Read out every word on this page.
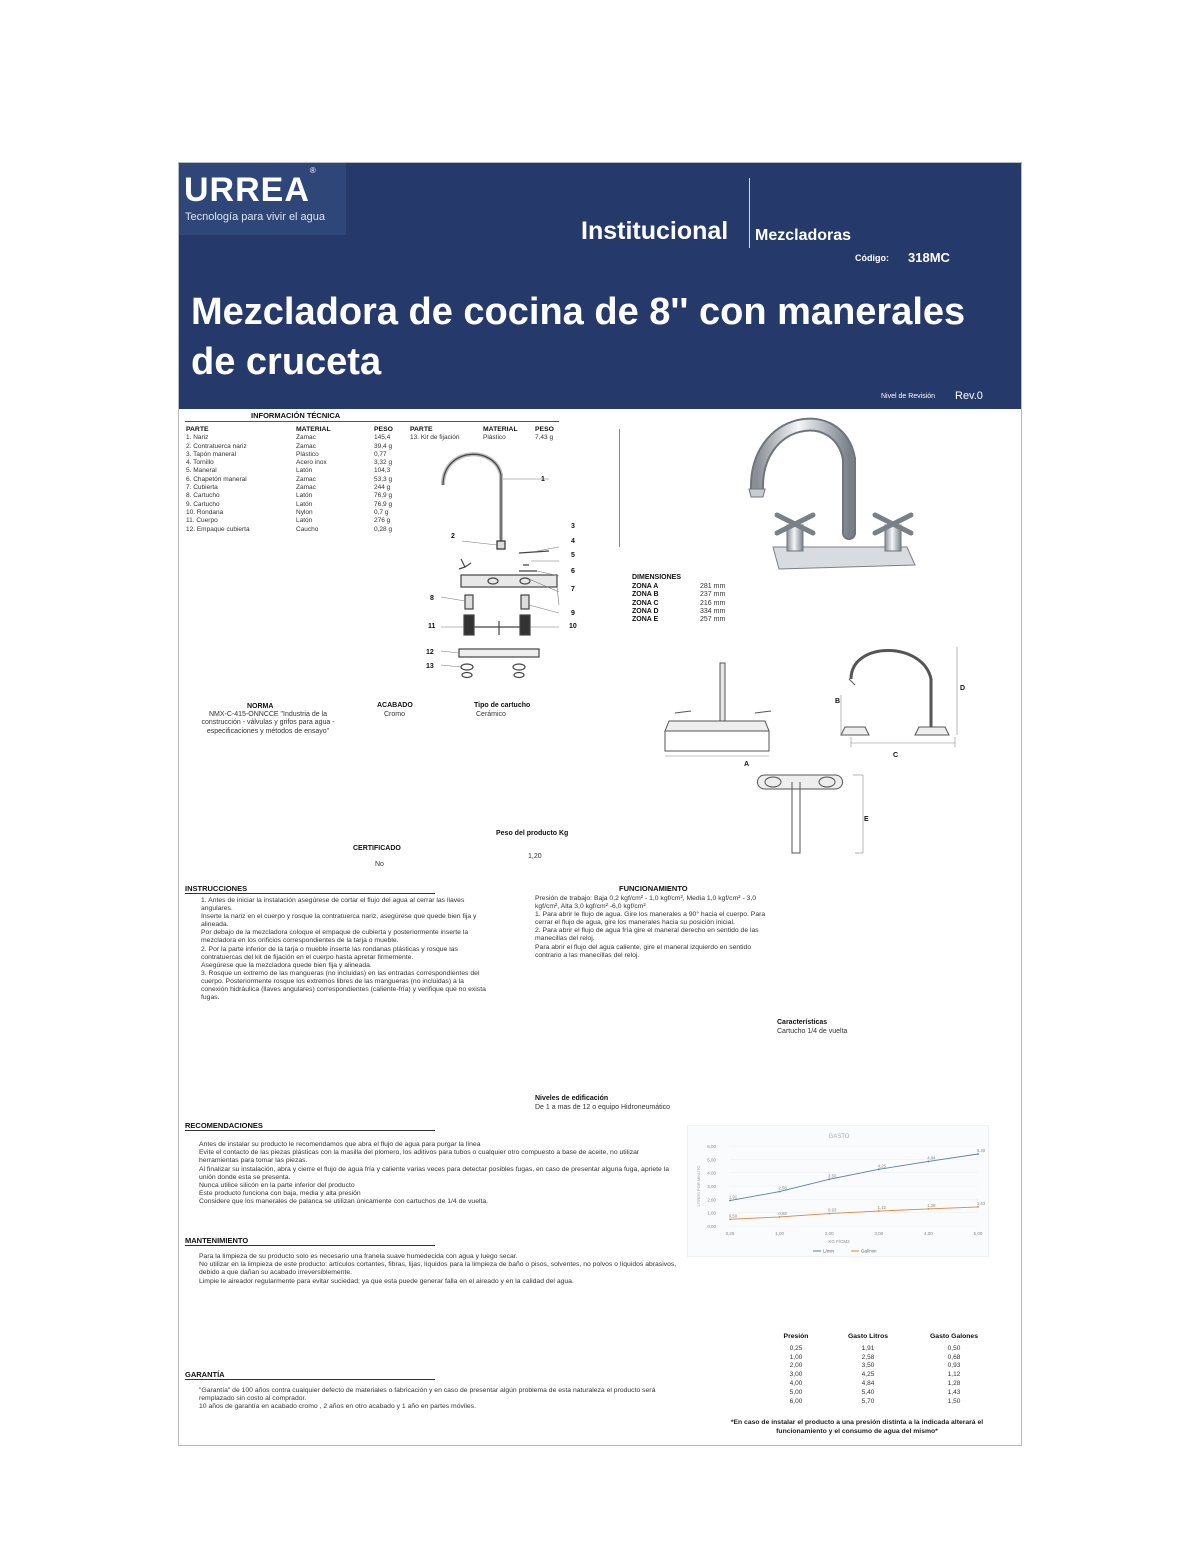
URREA®
Tecnología para vivir el agua	Institucional Mezcladoras
Código: 318MC
Mezcladora de cocina de 8'' con manerales de cruceta
Nivel de Revisión Rev.0
INFORMACIÓN TÉCNICA
PARTE	MATERIAL	PESO	PARTE	MATERIAL	PESO
1. Nariz	Zamac	145,4	13. Kit de fijación	Plástico	7,43 g
2. Contratuerca nariz	Zamac	39,4 g			
3. Tapón maneral	Plástico	0,77			
4. Tornillo	Acero inox	3,32 g			
5. Maneral	Latón	104,3			
6. Chapetón maneral	Zamac	53,3 g			
7. Cubierta	Zamac	244 g			
8. Cartucho	Latón	76,9 g			
9. Cartucho	Latón	76,9 g			
10. Rondana	Nylon	0,7 g			
11. Cuerpo	Latón	276 g			
12. Empaque cubierta	Caucho	0,28 g			
1
2
3
4
5
6
7
8
9
11	10
12
13
DIMENSIONES
ZONA A	281 mm
ZONA B	237 mm
ZONA C	216 mm
ZONA D	334 mm
ZONA E	257 mm
A
B
C
D
E
NORMA
NMX-C-415-ONNCCE "Industria de la construcción - válvulas y grifos para agua - especificaciones y métodos de ensayo"
ACABADO
Cromo
Tipo de cartucho
Cerámico
Peso del producto Kg
1,20
CERTIFICADO
No
INSTRUCCIONES
1. Antes de iniciar la instalación asegúrese de cortar el flujo del agua al cerrar las llaves angulares.
Inserte la nariz en el cuerpo y rosque la contratuerca nariz, asegúrese que quede bien fija y alineada.
Por debajo de la mezcladora coloque el empaque de cubierta y posteriormente inserte la mezcladora en los orificios correspondientes de la tarja o mueble.
2. Por la parte inferior de la tarja o mueble inserte las rondanas plásticas y rosque las contratuercas del kit de fijación en el cuerpo hasta apretar firmemente.
Asegúrese que la mezcladora quede bien fija y alineada.
3. Rosque un extremo de las mangueras (no incluidas) en las entradas correspondientes del cuerpo. Posteriormente rosque los extremos libres de las mangueras (no incluidas) a la conexión hidráulica (llaves angulares) correspondientes (caliente-fría) y verifique que no exista fugas.
FUNCIONAMIENTO
Presión de trabajo: Baja 0,2 kgf/cm² - 1,0 kgf/cm², Media 1,0 kgf/cm² - 3,0 kgf/cm², Alta 3,0 kgf/cm² -6,0 kgf/cm²
1. Para abrir le flujo de agua. Gire los manerales a 90° hacia el cuerpo. Para cerrar el flujo de agua, gire los manerales hacia su posición inicial.
2. Para abrir el flujo de agua fría gire el maneral derecho en sentido de las manecillas del reloj.
Para abrir el flujo del agua caliente, gire el maneral izquierdo en sentido contrario a las manecillas del reloj.
Características
Cartucho 1/4 de vuelta
Niveles de edificación
De 1 a mas de 12 o equipo Hidroneumático
RECOMENDACIONES
Antes de instalar su producto le recomendamos que abra el flujo de agua para purgar la línea
Evite el contacto de las piezas plásticas con la masilla del plomero, los aditivos para tubos o cualquier otro compuesto a base de aceite, no utilizar herramientas para tomar las piezas.
Al finalizar su instalación, abra y cierre el flujo de agua fría y caliente varias veces para detectar posibles fugas, en caso de presentar alguna fuga, apriete la unión donde esta se presenta.
Nunca utilice silicón en la parte inferior del producto
Este producto funciona con baja, media y alta presión
Considere que los manerales de palanca se utilizan únicamente con cartuchos de 1/4 de vuelta.
GASTO
0,00
1,00
2,00
3,00
4,00
5,00
6,00
0,25	1,00	2,00	3,00	4,00	5,00
KG F/CM2
LITROS POR MINUTO	1,91
2,58
3,50
4,25
4,84
5,40
0,50	0,68
0,93
1,12	1,28	1,43
L/min	Gal/min
MANTENIMIENTO
Para la limpieza de su producto solo es necesario una franela suave humedecida con agua y luego secar.
No utilizar en la limpieza de este producto: artículos cortantes, fibras, lijas, líquidos para la limpieza de baño o pisos, solventes, no polvos o líquidos abrasivos, debido a que dañan su acabado irreversiblemente.
Limpie le aireador regularmente para evitar suciedad; ya que esta puede generar falla en el aireado y en la calidad del agua.
GARANTÍA
"Garantía" de 100 años contra cualquier defecto de materiales o fabricación y en caso de presentar algún problema de esta naturaleza el producto será remplazado sin costo al comprador.
10 años de garantía en acabado cromo , 2 años en otro acabado y 1 año en partes móviles.
Presión	Gasto Litros	Gasto Galones
0,25	1,91	0,50
1,00	2,58	0,68
2,00	3,50	0,93
3,00	4,25	1,12
4,00	4,84	1,28
5,00	5,40	1,43
6,00	5,70	1,50
*En caso de instalar el producto a una presión distinta a la indicada alterará el funcionamiento y el consumo de agua del mismo*
